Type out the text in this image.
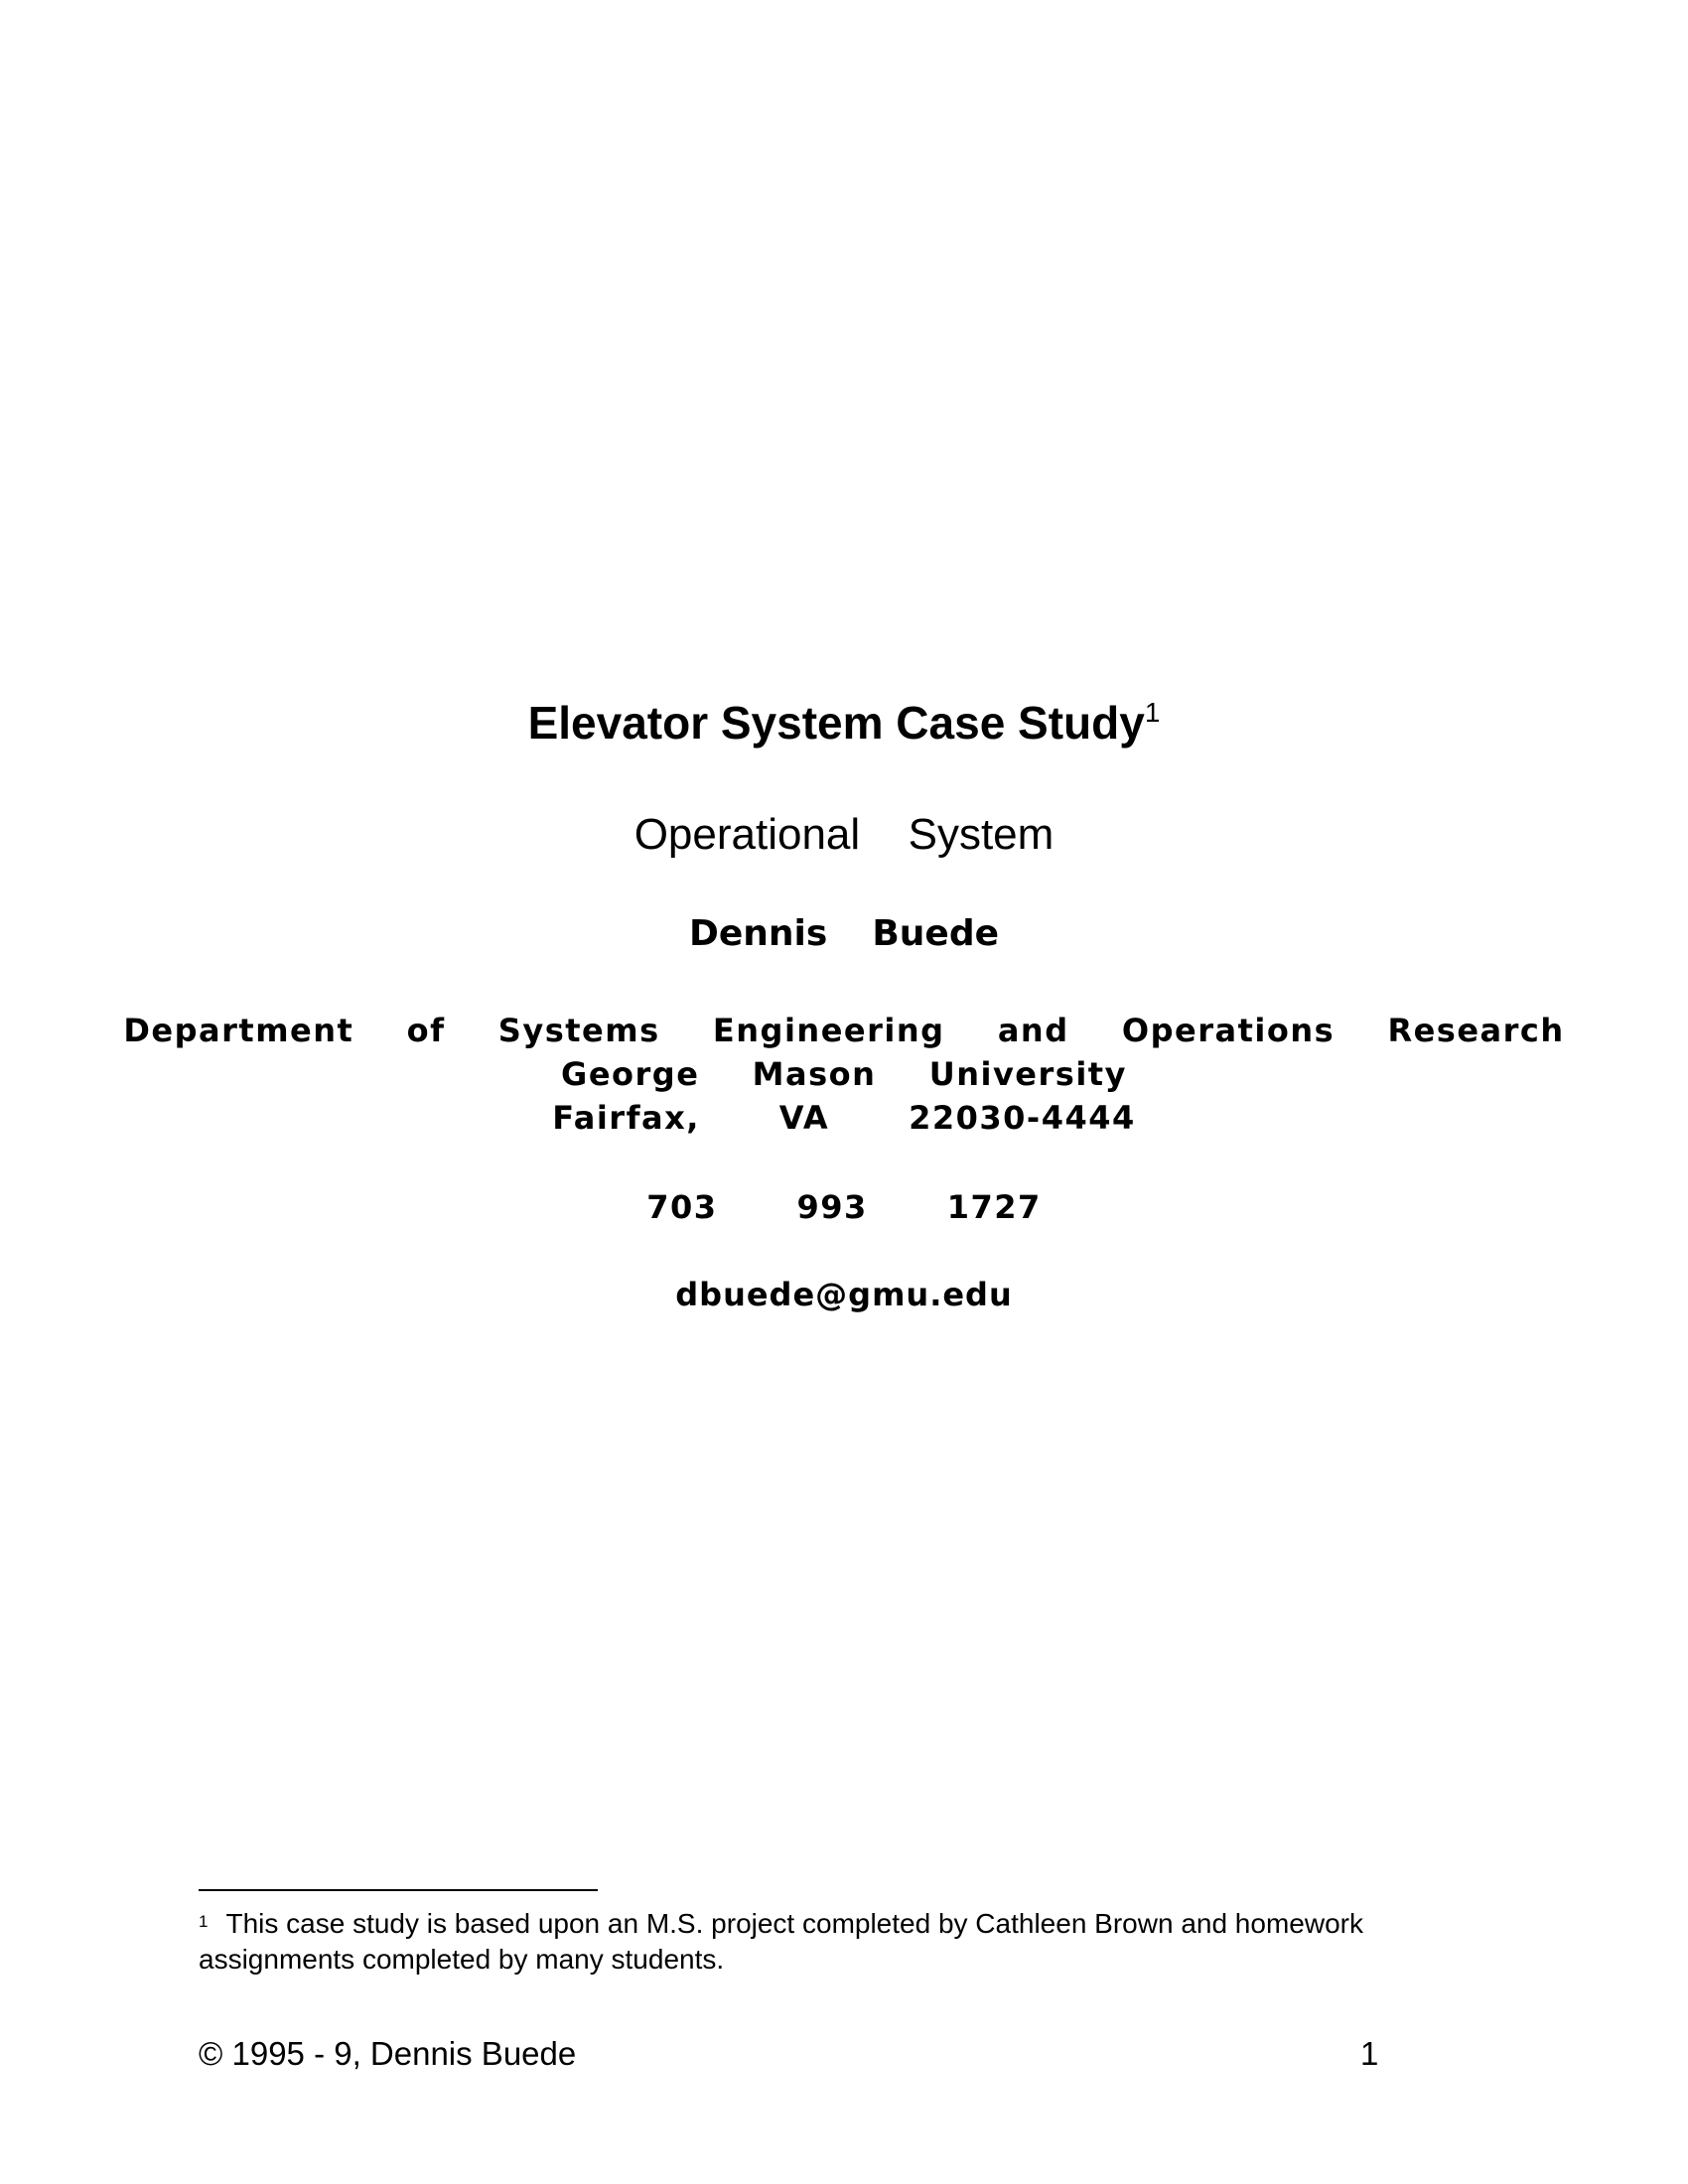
Elevator System Case Study$^1$
Operational  System
Dennis  Buede
Department  of  Systems  Engineering  and  Operations  Research
George  Mason  University
Fairfax,   VA   22030-4444
703   993   1727
dbuede@gmu.edu
$^1$ This case study is based upon an M.S. project completed by Cathleen Brown and homework assignments completed by many students.
© 1995 - 9, Dennis Buede	1
